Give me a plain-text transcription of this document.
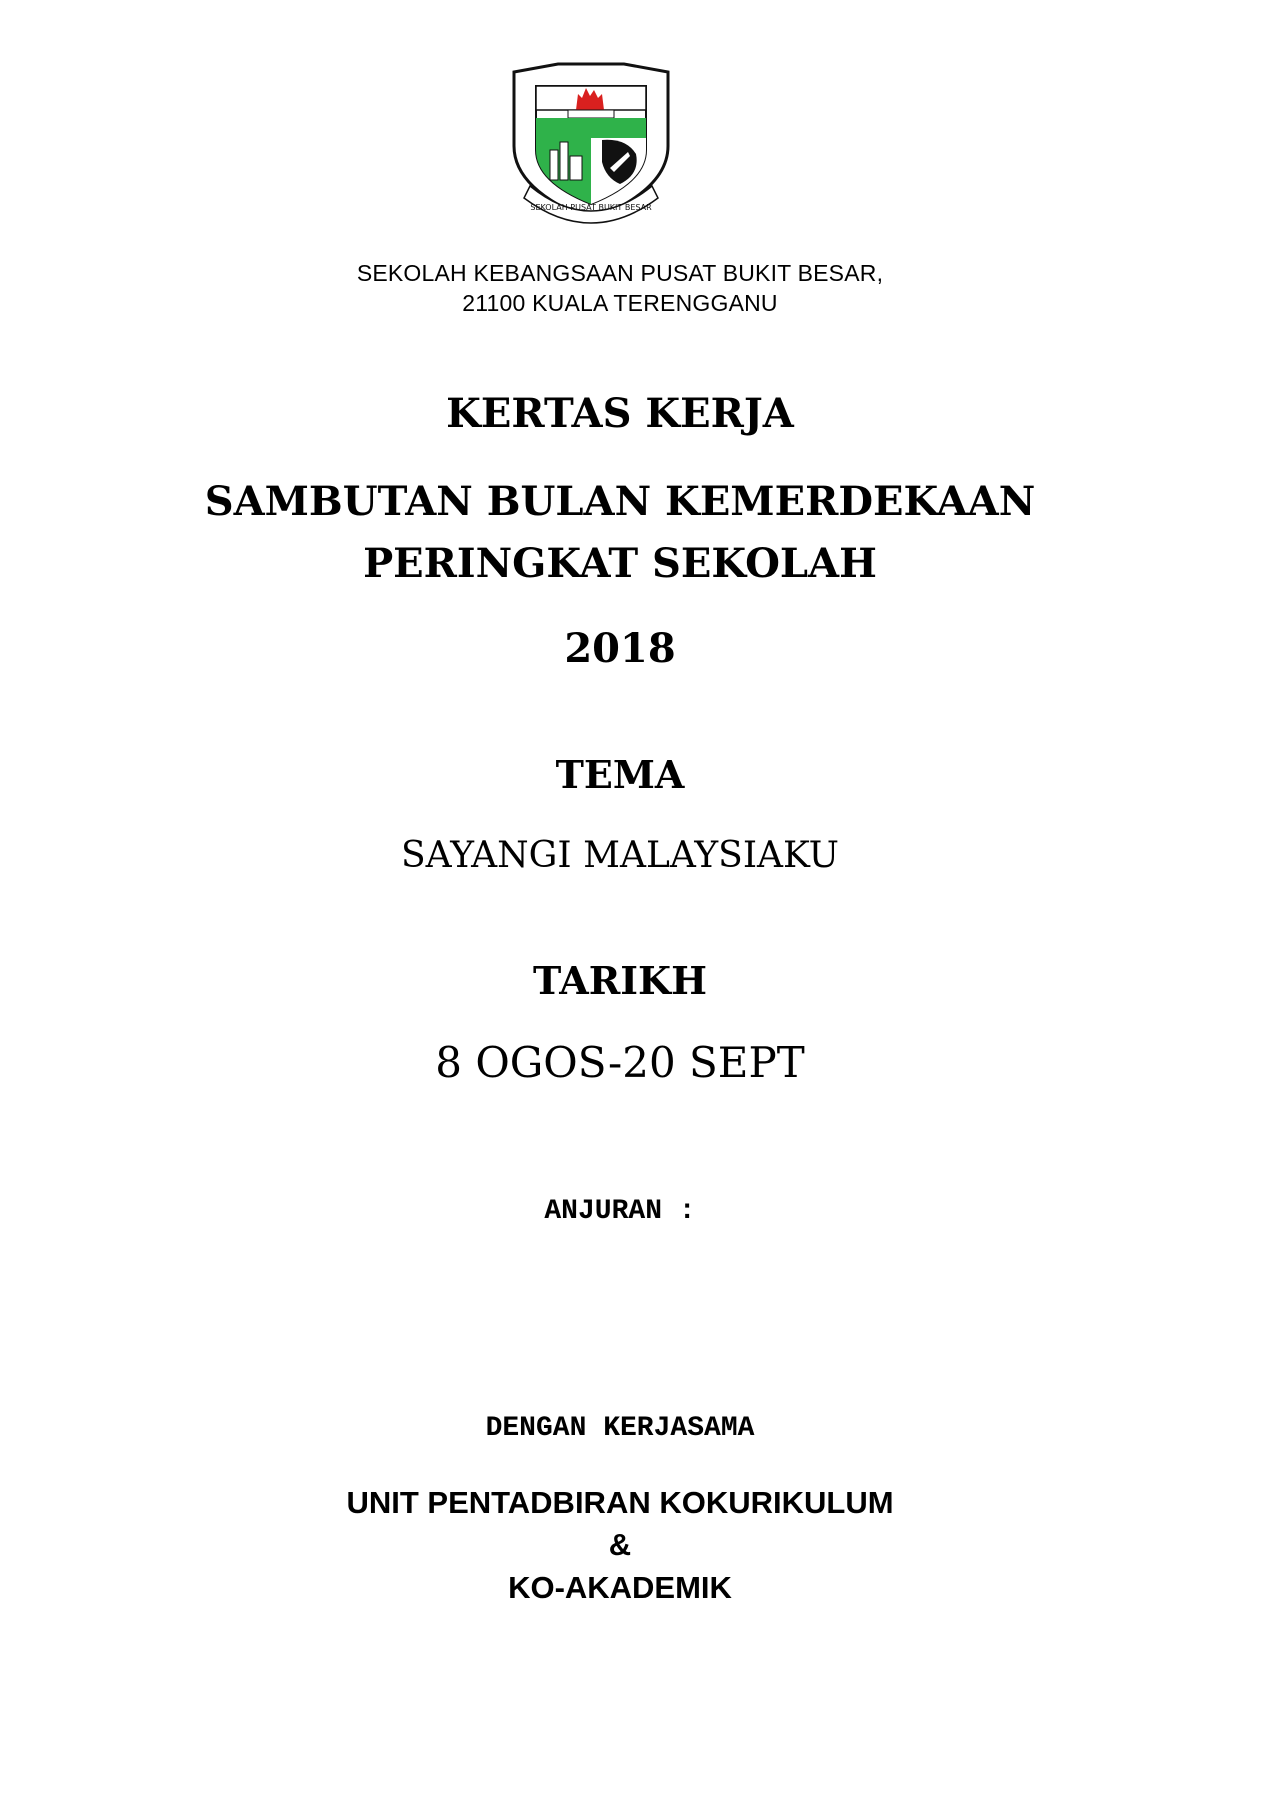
SEKOLAH PUSAT BUKIT BESAR
SEKOLAH KEBANGSAAN PUSAT BUKIT BESAR,
21100 KUALA TERENGGANU
KERTAS KERJA
SAMBUTAN BULAN KEMERDEKAAN
PERINGKAT SEKOLAH
2018
TEMA
SAYANGI MALAYSIAKU
TARIKH
8 OGOS-20 SEPT
ANJURAN :
DENGAN KERJASAMA
UNIT PENTADBIRAN KOKURIKULUM
&
KO-AKADEMIK
